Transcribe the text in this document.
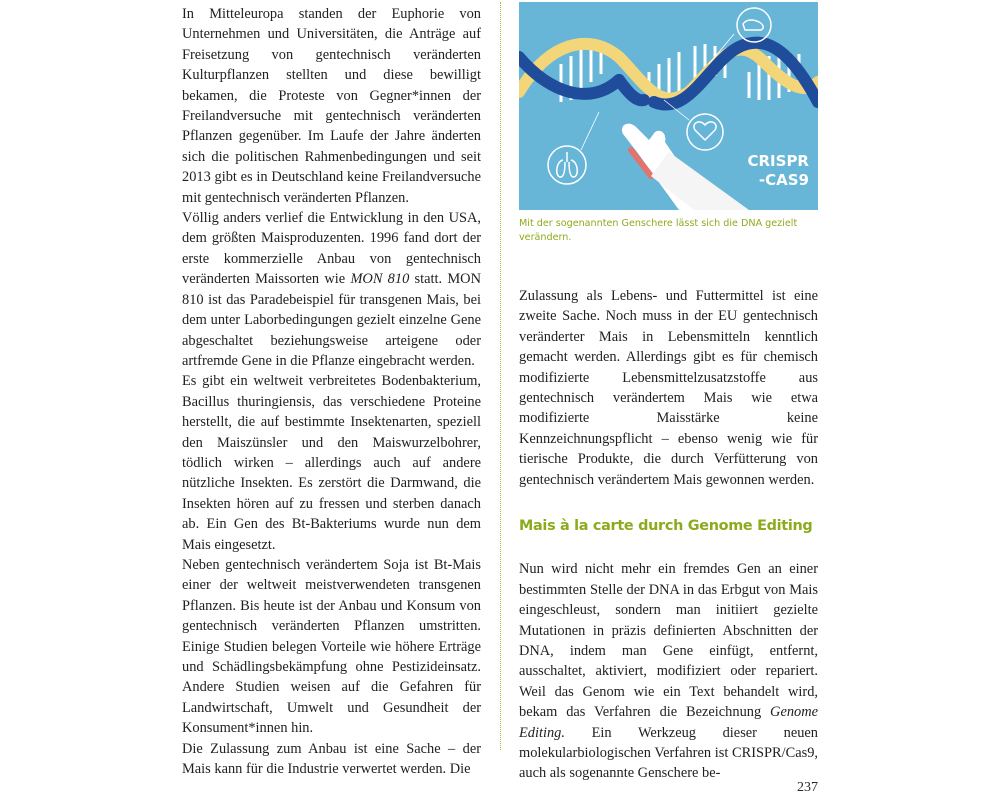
In Mitteleuropa standen der Euphorie von Unternehmen und Universitäten, die Anträge auf Freisetzung von gentechnisch veränderten Kulturpflanzen stellten und diese bewilligt bekamen, die Proteste von Gegner*innen der Freilandversuche mit gentechnisch veränderten Pflanzen gegenüber. Im Laufe der Jahre änderten sich die politischen Rahmenbedingungen und seit 2013 gibt es in Deutschland keine Freilandversuche mit gentechnisch veränderten Pflanzen.

Völlig anders verlief die Entwicklung in den USA, dem größten Maisproduzenten. 1996 fand dort der erste kommerzielle Anbau von gentechnisch veränderten Maissorten wie MON 810 statt. MON 810 ist das Paradebeispiel für transgenen Mais, bei dem unter Laborbedingungen gezielt einzelne Gene abgeschaltet beziehungsweise arteigene oder artfremde Gene in die Pflanze eingebracht werden.

Es gibt ein weltweit verbreitetes Bodenbakterium, Bacillus thuringiensis, das verschiedene Proteine herstellt, die auf bestimmte Insektenarten, speziell den Maiszünsler und den Maiswurzelbohrer, tödlich wirken – allerdings auch auf andere nützliche Insekten. Es zerstört die Darmwand, die Insekten hören auf zu fressen und sterben danach ab. Ein Gen des Bt-Bakteriums wurde nun dem Mais eingesetzt.

Neben gentechnisch verändertem Soja ist Bt-Mais einer der weltweit meistverwendeten transgenen Pflanzen. Bis heute ist der Anbau und Konsum von gentechnisch veränderten Pflanzen umstritten. Einige Studien belegen Vorteile wie höhere Erträge und Schädlingsbekämpfung ohne Pestizideinsatz. Andere Studien weisen auf die Gefahren für Landwirtschaft, Umwelt und Gesundheit der Konsument*innen hin.

Die Zulassung zum Anbau ist eine Sache – der Mais kann für die Industrie verwertet werden. Die

CRISPR
-CAS9
Mit der sogenannten Genschere lässt sich die DNA gezielt verändern.

Zulassung als Lebens- und Futtermittel ist eine zweite Sache. Noch muss in der EU gentechnisch veränderter Mais in Lebensmitteln kenntlich gemacht werden. Allerdings gibt es für chemisch modifizierte Lebensmittelzusatzstoffe aus gentechnisch verändertem Mais wie etwa modifizierte Maisstärke keine Kennzeichnungspflicht – ebenso wenig wie für tierische Produkte, die durch Verfütterung von gentechnisch verändertem Mais gewonnen werden.

Mais à la carte durch Genome Editing

Nun wird nicht mehr ein fremdes Gen an einer bestimmten Stelle der DNA in das Erbgut von Mais eingeschleust, sondern man initiiert gezielte Mutationen in präzis definierten Abschnitten der DNA, indem man Gene einfügt, entfernt, ausschaltet, aktiviert, modifiziert oder repariert. Weil das Genom wie ein Text behandelt wird, bekam das Verfahren die Bezeichnung Genome Editing. Ein Werkzeug dieser neuen molekularbiologischen Verfahren ist CRISPR/Cas9, auch als sogenannte Genschere be-

237
